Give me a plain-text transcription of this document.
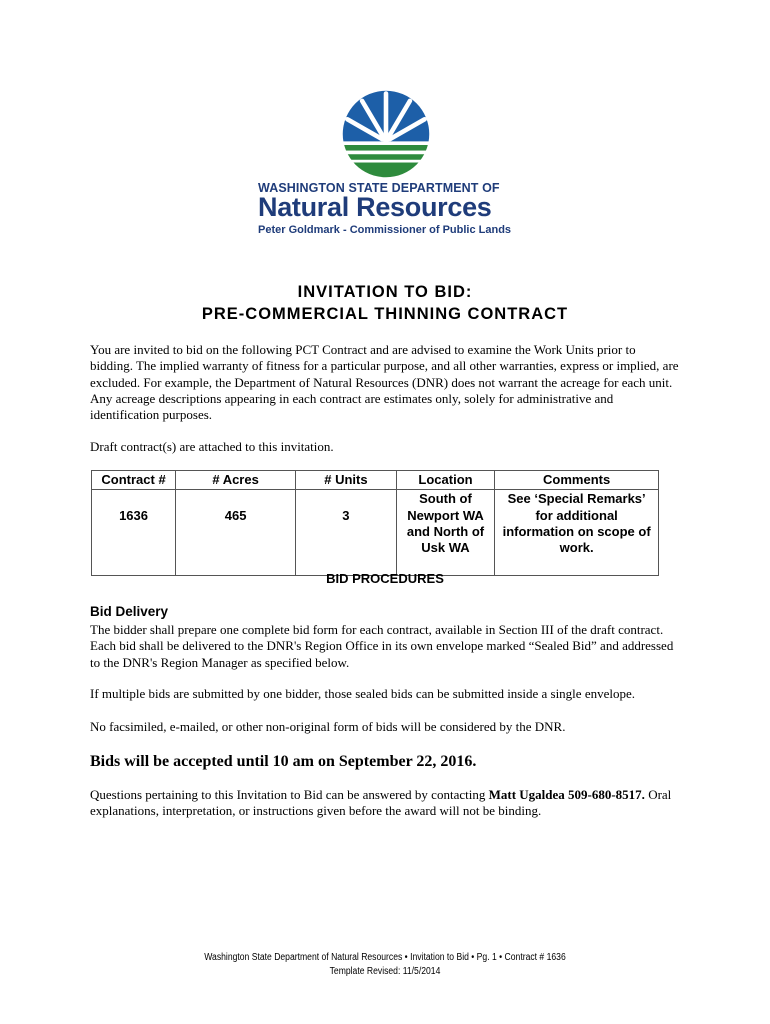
WASHINGTON STATE DEPARTMENT OF
Natural Resources
Peter Goldmark - Commissioner of Public Lands
INVITATION TO BID:
PRE-COMMERCIAL THINNING CONTRACT
You are invited to bid on the following PCT Contract and are advised to examine the Work Units prior to bidding. The implied warranty of fitness for a particular purpose, and all other warranties, express or implied, are excluded. For example, the Department of Natural Resources (DNR) does not warrant the acreage for each unit. Any acreage descriptions appearing in each contract are estimates only, solely for administrative and identification purposes.
Draft contract(s) are attached to this invitation.
Contract #	# Acres	# Units	Location	Comments
1636	465	3	South of Newport WA and North of Usk WA	See ‘Special Remarks’ for additional information on scope of work.
BID PROCEDURES
Bid Delivery
The bidder shall prepare one complete bid form for each contract, available in Section III of the draft contract. Each bid shall be delivered to the DNR's Region Office in its own envelope marked “Sealed Bid” and addressed to the DNR's Region Manager as specified below.
If multiple bids are submitted by one bidder, those sealed bids can be submitted inside a single envelope.
No facsimiled, e-mailed, or other non-original form of bids will be considered by the DNR.
Bids will be accepted until 10 am on September 22, 2016.
Questions pertaining to this Invitation to Bid can be answered by contacting Matt Ugaldea 509-680-8517. Oral explanations, interpretation, or instructions given before the award will not be binding.
Washington State Department of Natural Resources • Invitation to Bid • Pg. 1 • Contract # 1636
Template Revised: 11/5/2014
